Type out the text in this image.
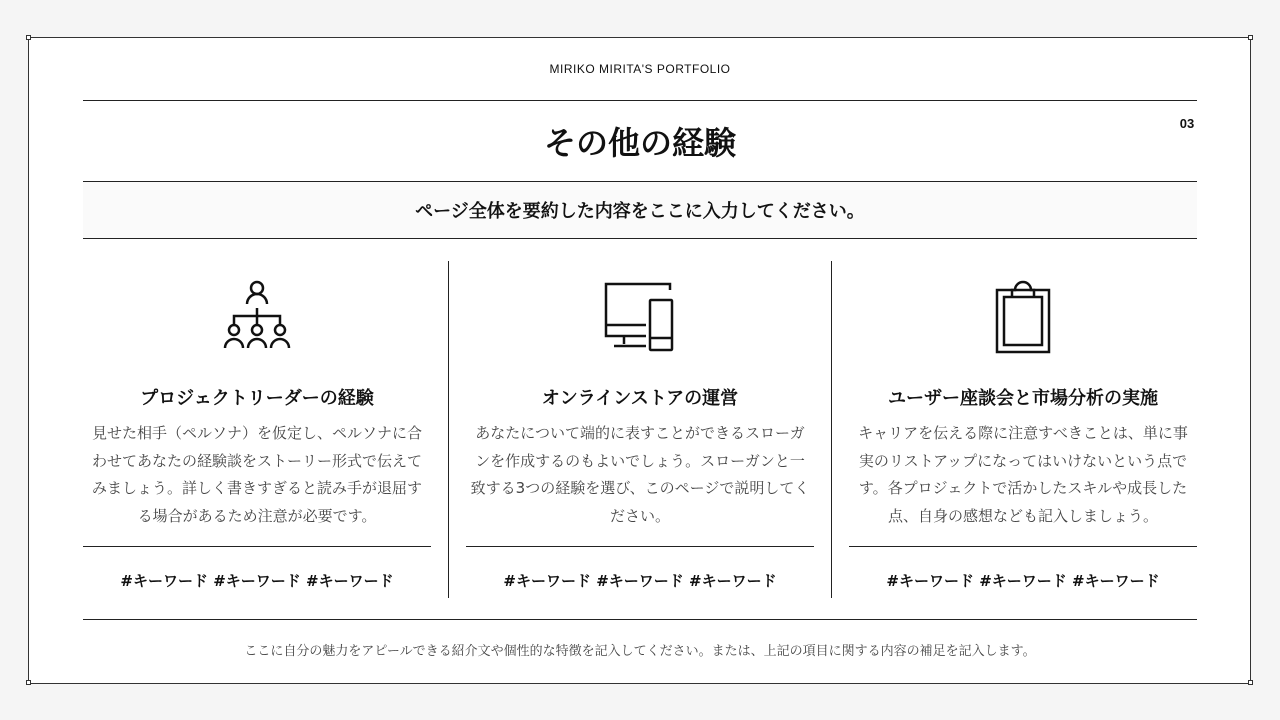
MIRIKO MIRITA'S PORTFOLIO
その他の経験
03
ページ全体を要約した内容をここに入力してください。
プロジェクトリーダーの経験

見せた相手（ペルソナ）を仮定し、ペルソナに合わせてあなたの経験談をストーリー形式で伝えてみましょう。詳しく書きすぎると読み手が退屈する場合があるため注意が必要です。

#キーワード #キーワード #キーワード
オンラインストアの運営

あなたについて端的に表すことができるスローガンを作成するのもよいでしょう。スローガンと一致する3つの経験を選び、このページで説明してください。

#キーワード #キーワード #キーワード
ユーザー座談会と市場分析の実施

キャリアを伝える際に注意すべきことは、単に事実のリストアップになってはいけないという点です。各プロジェクトで活かしたスキルや成長した点、自身の感想なども記入しましょう。

#キーワード #キーワード #キーワード
ここに自分の魅力をアピールできる紹介文や個性的な特徴を記入してください。または、上記の項目に関する内容の補足を記入します。
